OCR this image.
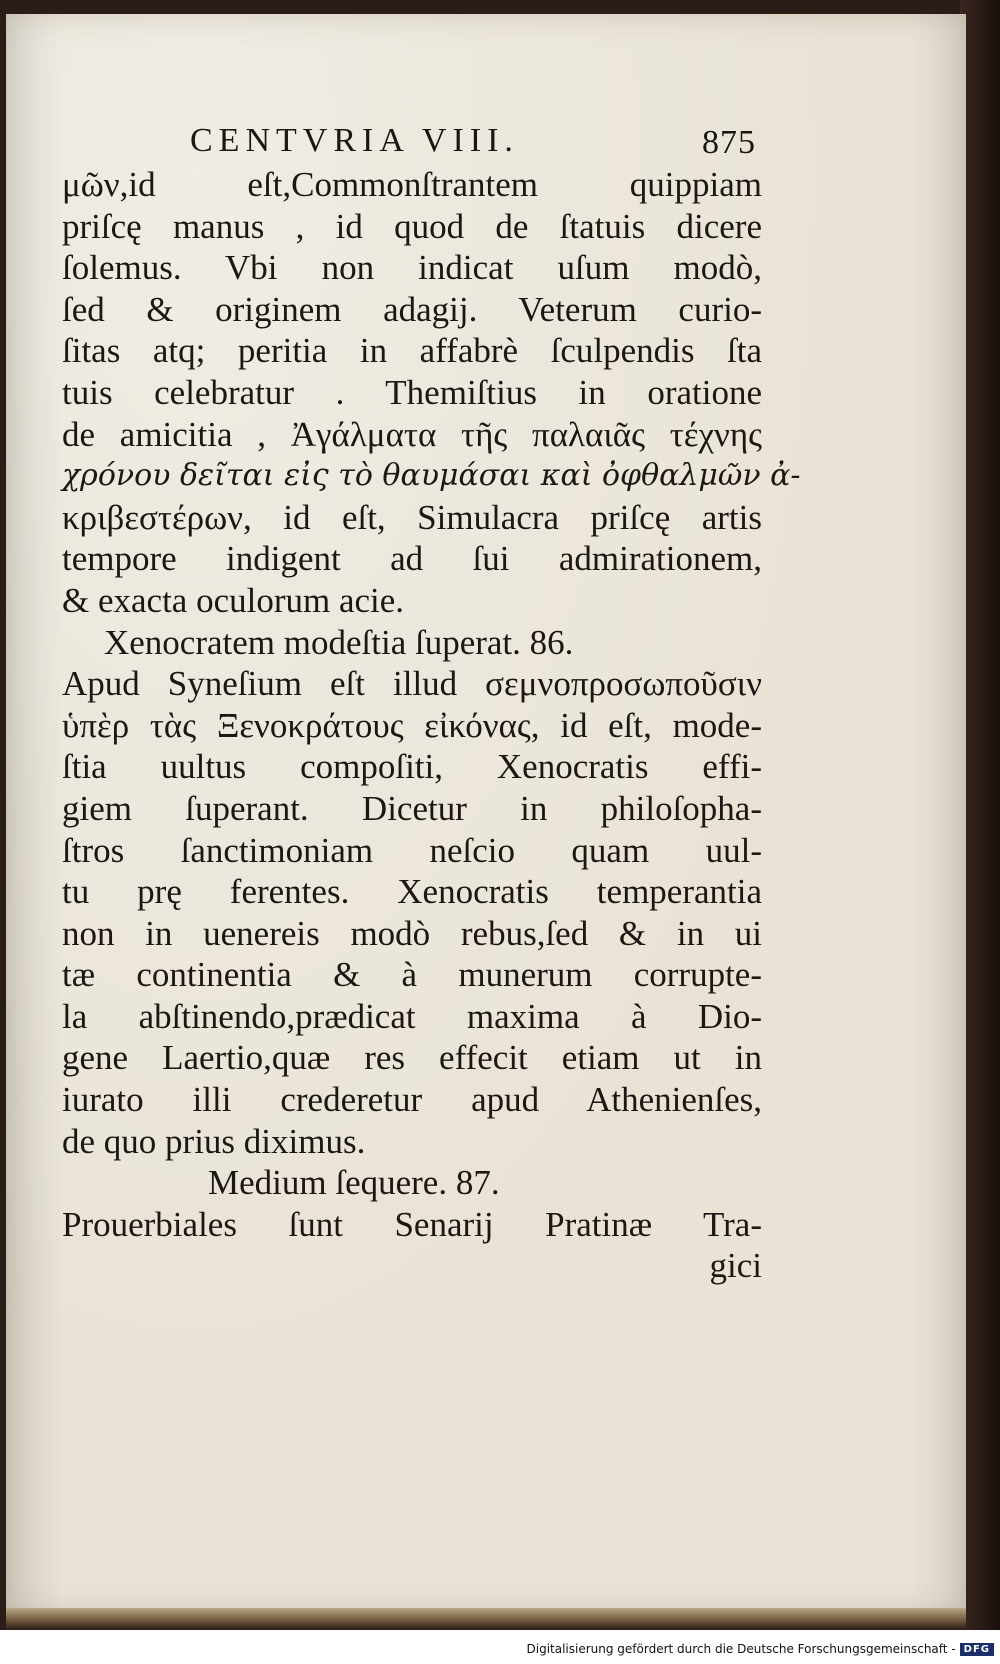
CENTVRIA VIII.	875
μῶν,id eſt,Commonſtrantem quippiam
priſcę manus , id quod de ſtatuis dicere
ſolemus. Vbi non indicat uſum modò,
ſed & originem adagij. Veterum curio-
ſitas atq; peritia in affabrè ſculpendis ſta
tuis celebratur . Themiſtius in oratione
de amicitia , Ἀγάλματα τῆς παλαιᾶς τέχνης
χρόνου δεῖται εἰς τὸ θαυμάσαι καὶ ὀφθαλμῶν ἀ-
κριβεστέρων, id eſt, Simulacra priſcę artis
tempore indigent ad ſui admirationem,
& exacta oculorum acie.
Xenocratem modeſtia ſuperat. 86.
Apud Syneſium eſt illud σεμνοπροσωποῦσιν
ὑπὲρ τὰς Ξενοκράτους εἰκόνας, id eſt, mode-
ſtia uultus compoſiti, Xenocratis effi-
giem ſuperant. Dicetur in philoſopha-
ſtros ſanctimoniam neſcio quam uul-
tu prę ferentes. Xenocratis temperantia
non in uenereis modò rebus,ſed & in ui
tæ continentia & à munerum corrupte-
la abſtinendo,prædicat maxima à Dio-
gene Laertio,quæ res effecit etiam ut in
iurato illi crederetur apud Athenienſes,
de quo prius diximus.
Medium ſequere. 87.
Prouerbiales ſunt Senarij Pratinæ Tra-
gici
Digitalisierung gefördert durch die Deutsche Forschungsgemeinschaft - DFG
